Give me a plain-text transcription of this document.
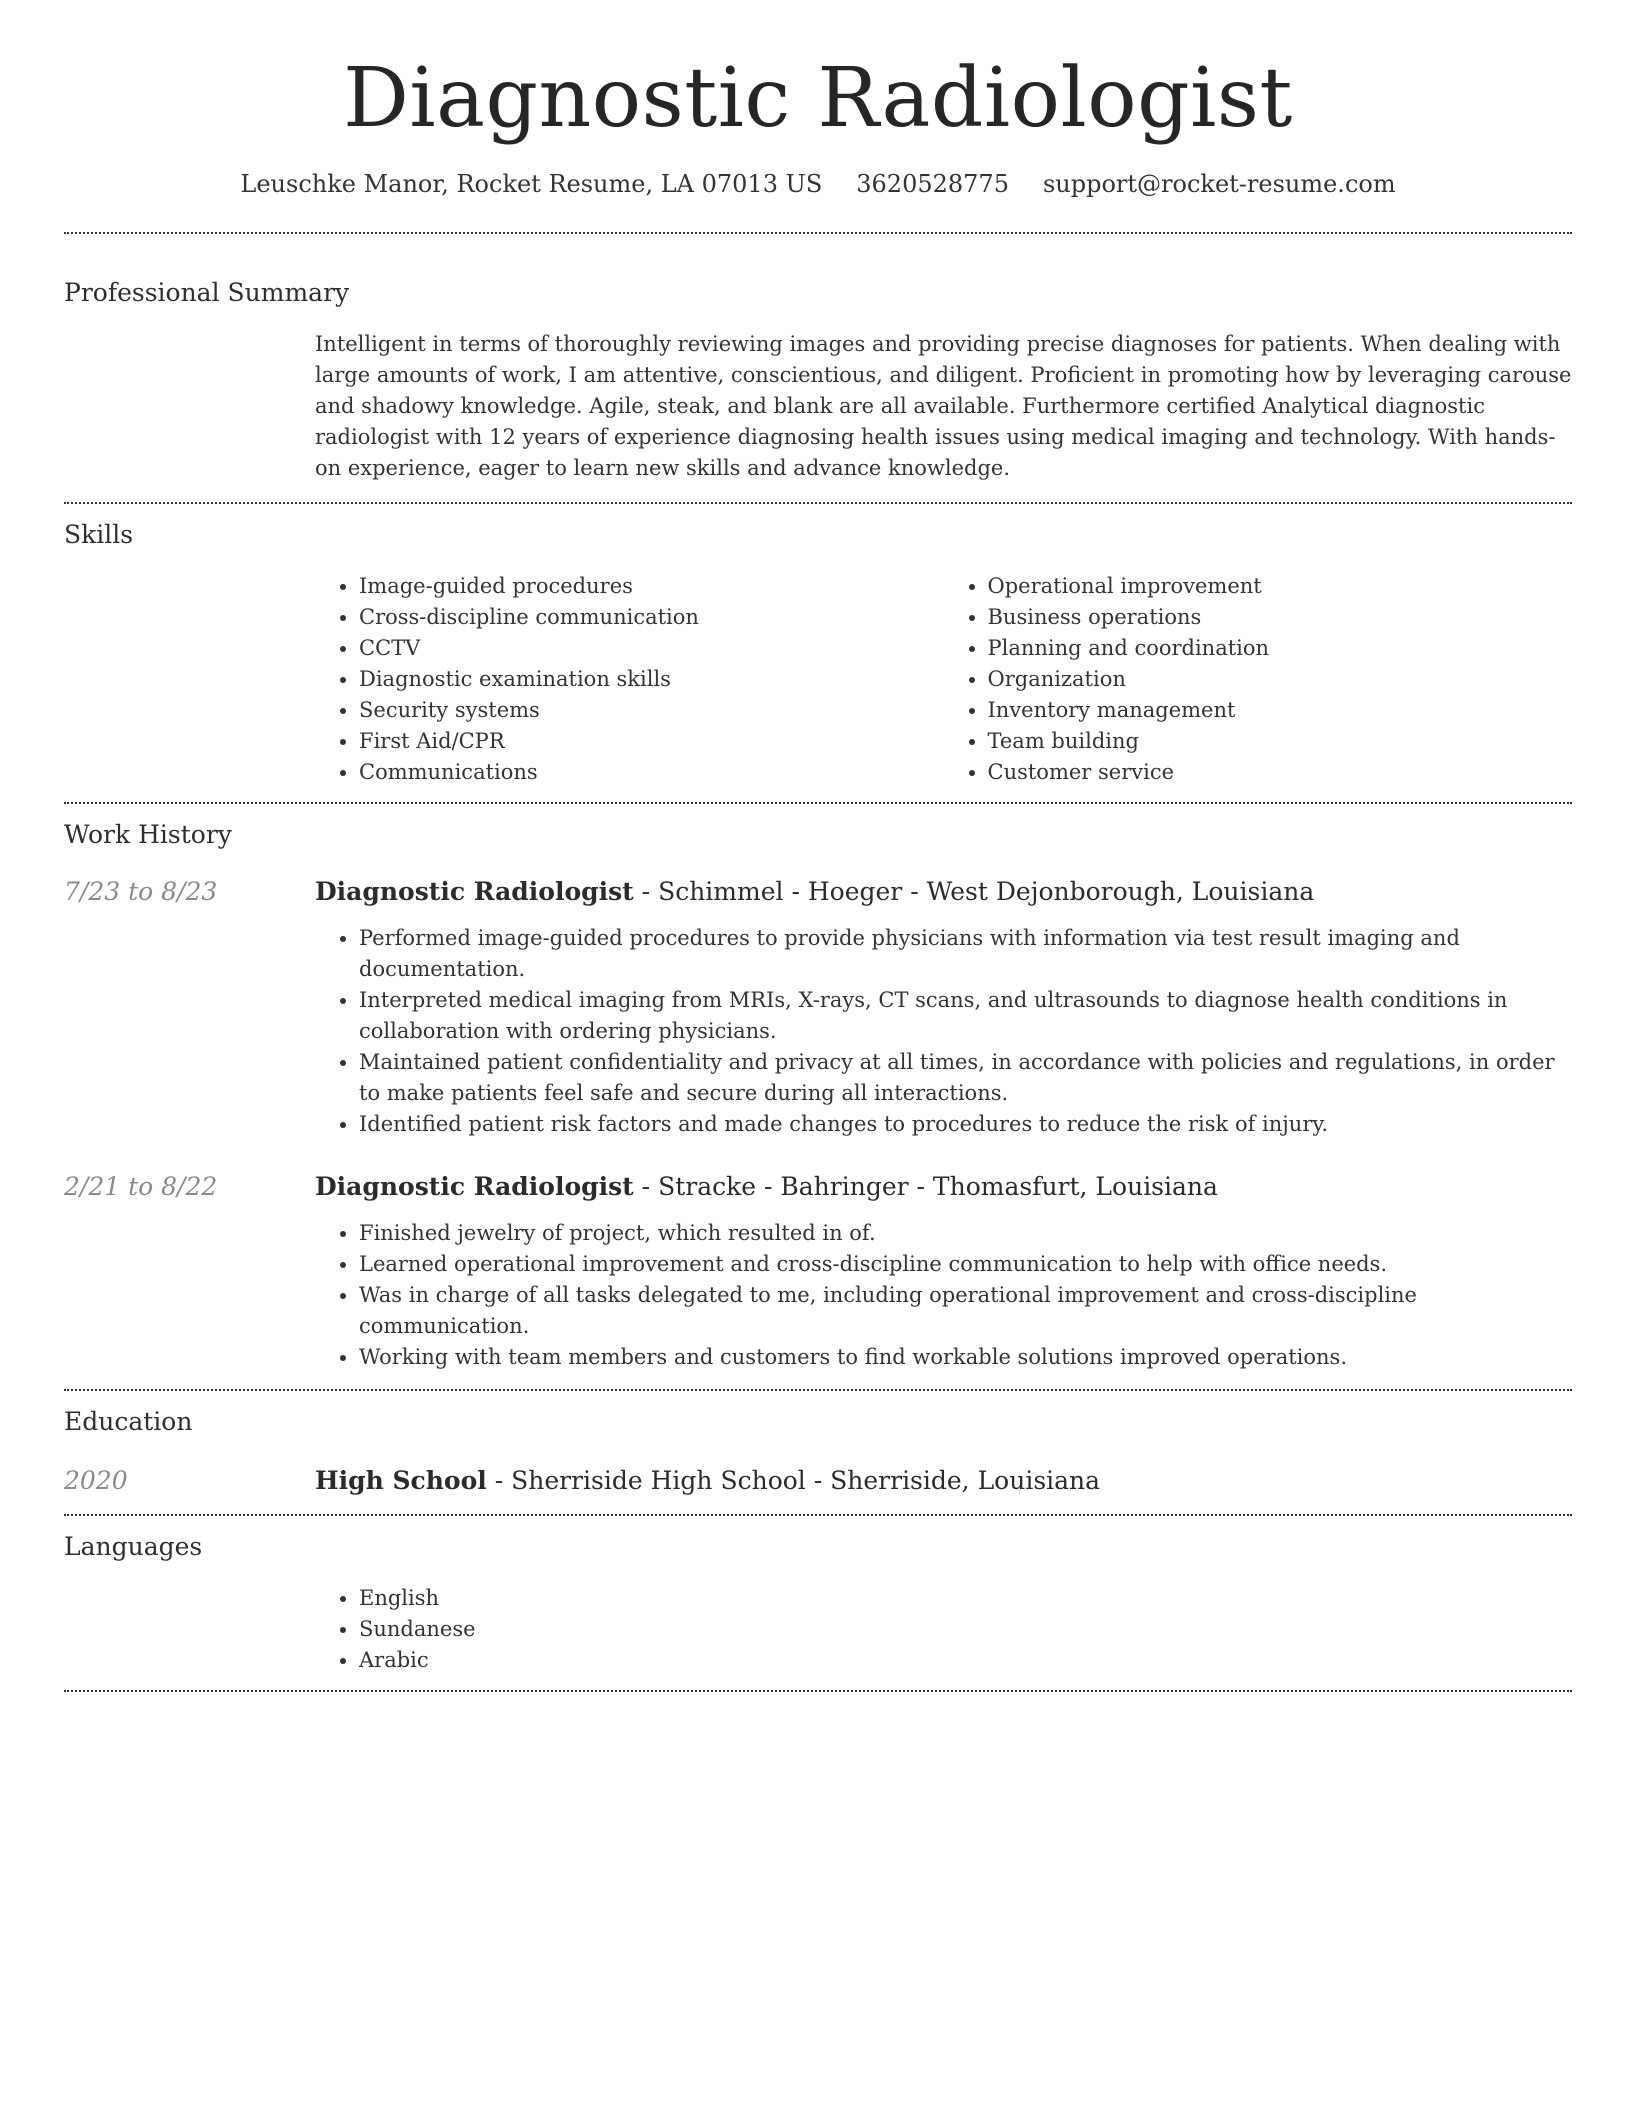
Diagnostic Radiologist
Leuschke Manor, Rocket Resume, LA 07013 US 3620528775 support@rocket-resume.com
Professional Summary
Intelligent in terms of thoroughly reviewing images and providing precise diagnoses for patients. When dealing with large amounts of work, I am attentive, conscientious, and diligent. Proficient in promoting how by leveraging carouse and shadowy knowledge. Agile, steak, and blank are all available. Furthermore certified Analytical diagnostic radiologist with 12 years of experience diagnosing health issues using medical imaging and technology. With hands-on experience, eager to learn new skills and advance knowledge.
Skills
• Image-guided procedures
• Cross-discipline communication
• CCTV
• Diagnostic examination skills
• Security systems
• First Aid/CPR
• Communications
• Operational improvement
• Business operations
• Planning and coordination
• Organization
• Inventory management
• Team building
• Customer service
Work History
7/23 to 8/23	Diagnostic Radiologist - Schimmel - Hoeger - West Dejonborough, Louisiana
• Performed image-guided procedures to provide physicians with information via test result imaging and documentation.
• Interpreted medical imaging from MRIs, X-rays, CT scans, and ultrasounds to diagnose health conditions in collaboration with ordering physicians.
• Maintained patient confidentiality and privacy at all times, in accordance with policies and regulations, in order to make patients feel safe and secure during all interactions.
• Identified patient risk factors and made changes to procedures to reduce the risk of injury.
2/21 to 8/22	Diagnostic Radiologist - Stracke - Bahringer - Thomasfurt, Louisiana
• Finished jewelry of project, which resulted in of.
• Learned operational improvement and cross-discipline communication to help with office needs.
• Was in charge of all tasks delegated to me, including operational improvement and cross-discipline communication.
• Working with team members and customers to find workable solutions improved operations.
Education
2020	High School - Sherriside High School - Sherriside, Louisiana
Languages
• English
• Sundanese
• Arabic
